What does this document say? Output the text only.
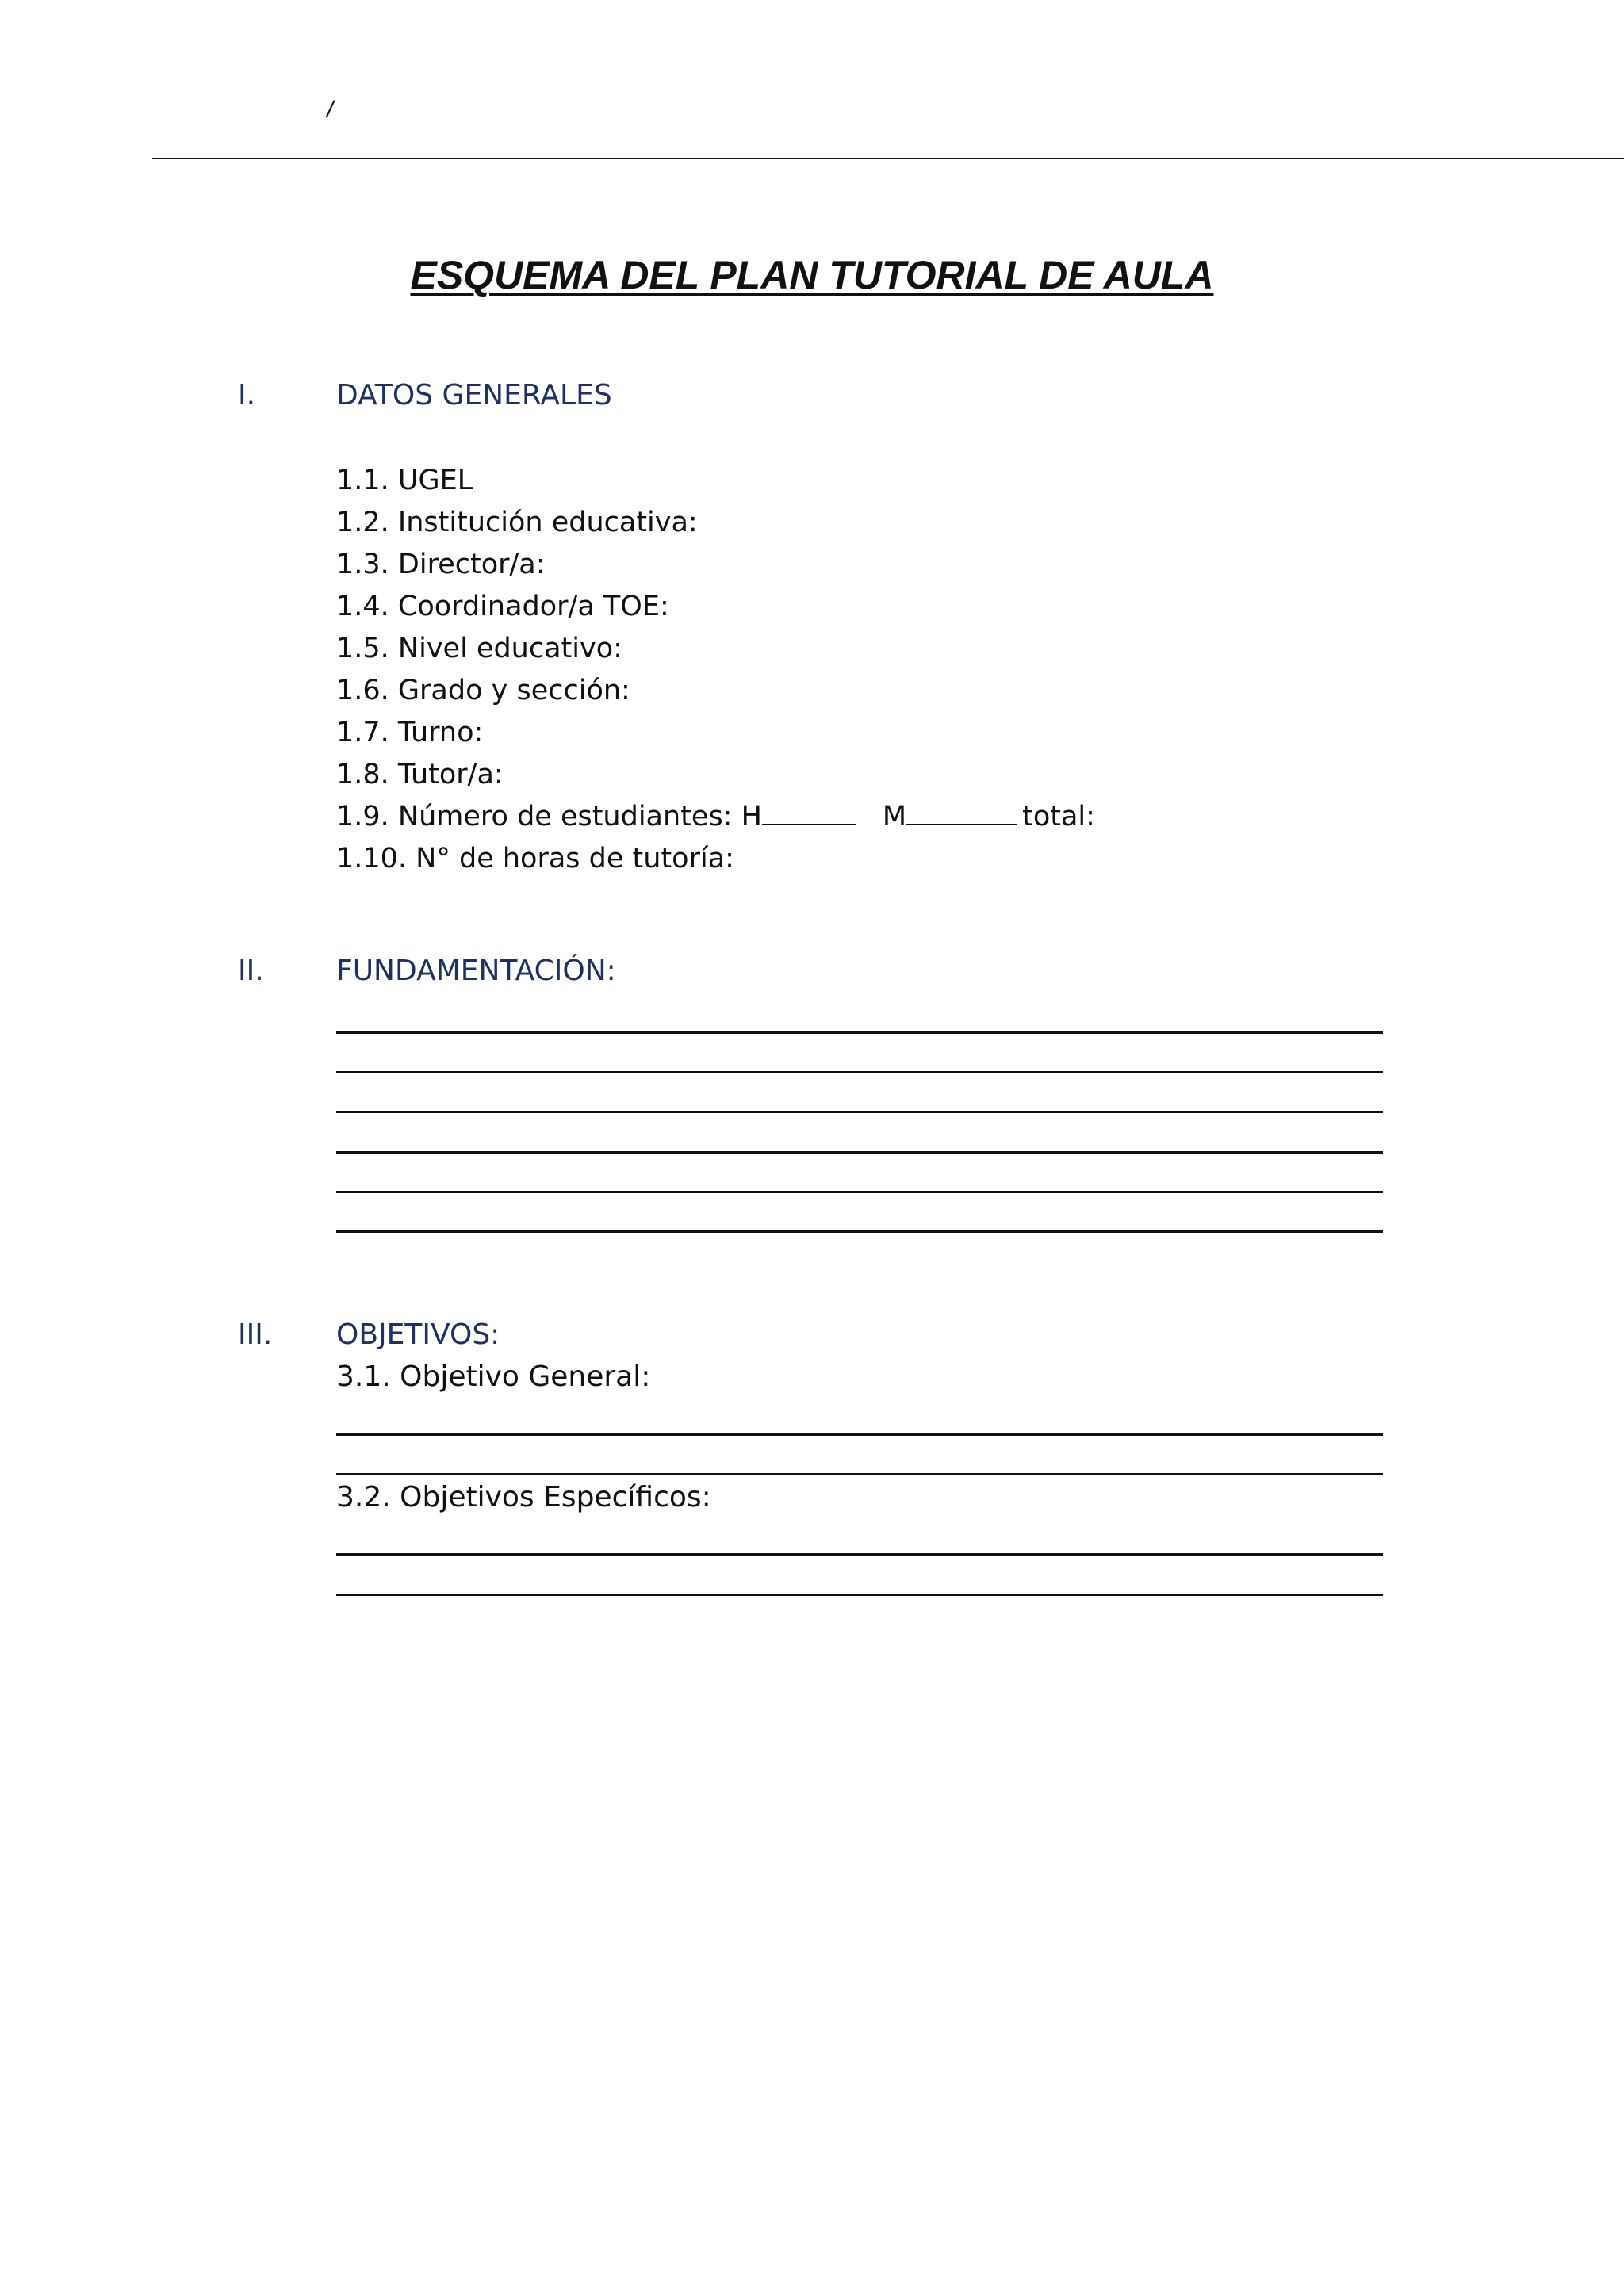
/
ESQUEMA DEL PLAN TUTORIAL DE AULA
I.	DATOS GENERALES
1.1. UGEL
1.2. Institución educativa:
1.3. Director/a:
1.4. Coordinador/a TOE:
1.5. Nivel educativo:
1.6. Grado y sección:
1.7. Turno:
1.8. Tutor/a:
1.9. Número de estudiantes: H	M	total:
1.10. N° de horas de tutoría:
II.	FUNDAMENTACIÓN:
III. OBJETIVOS:
3.1. Objetivo General:
3.2. Objetivos Específicos:
